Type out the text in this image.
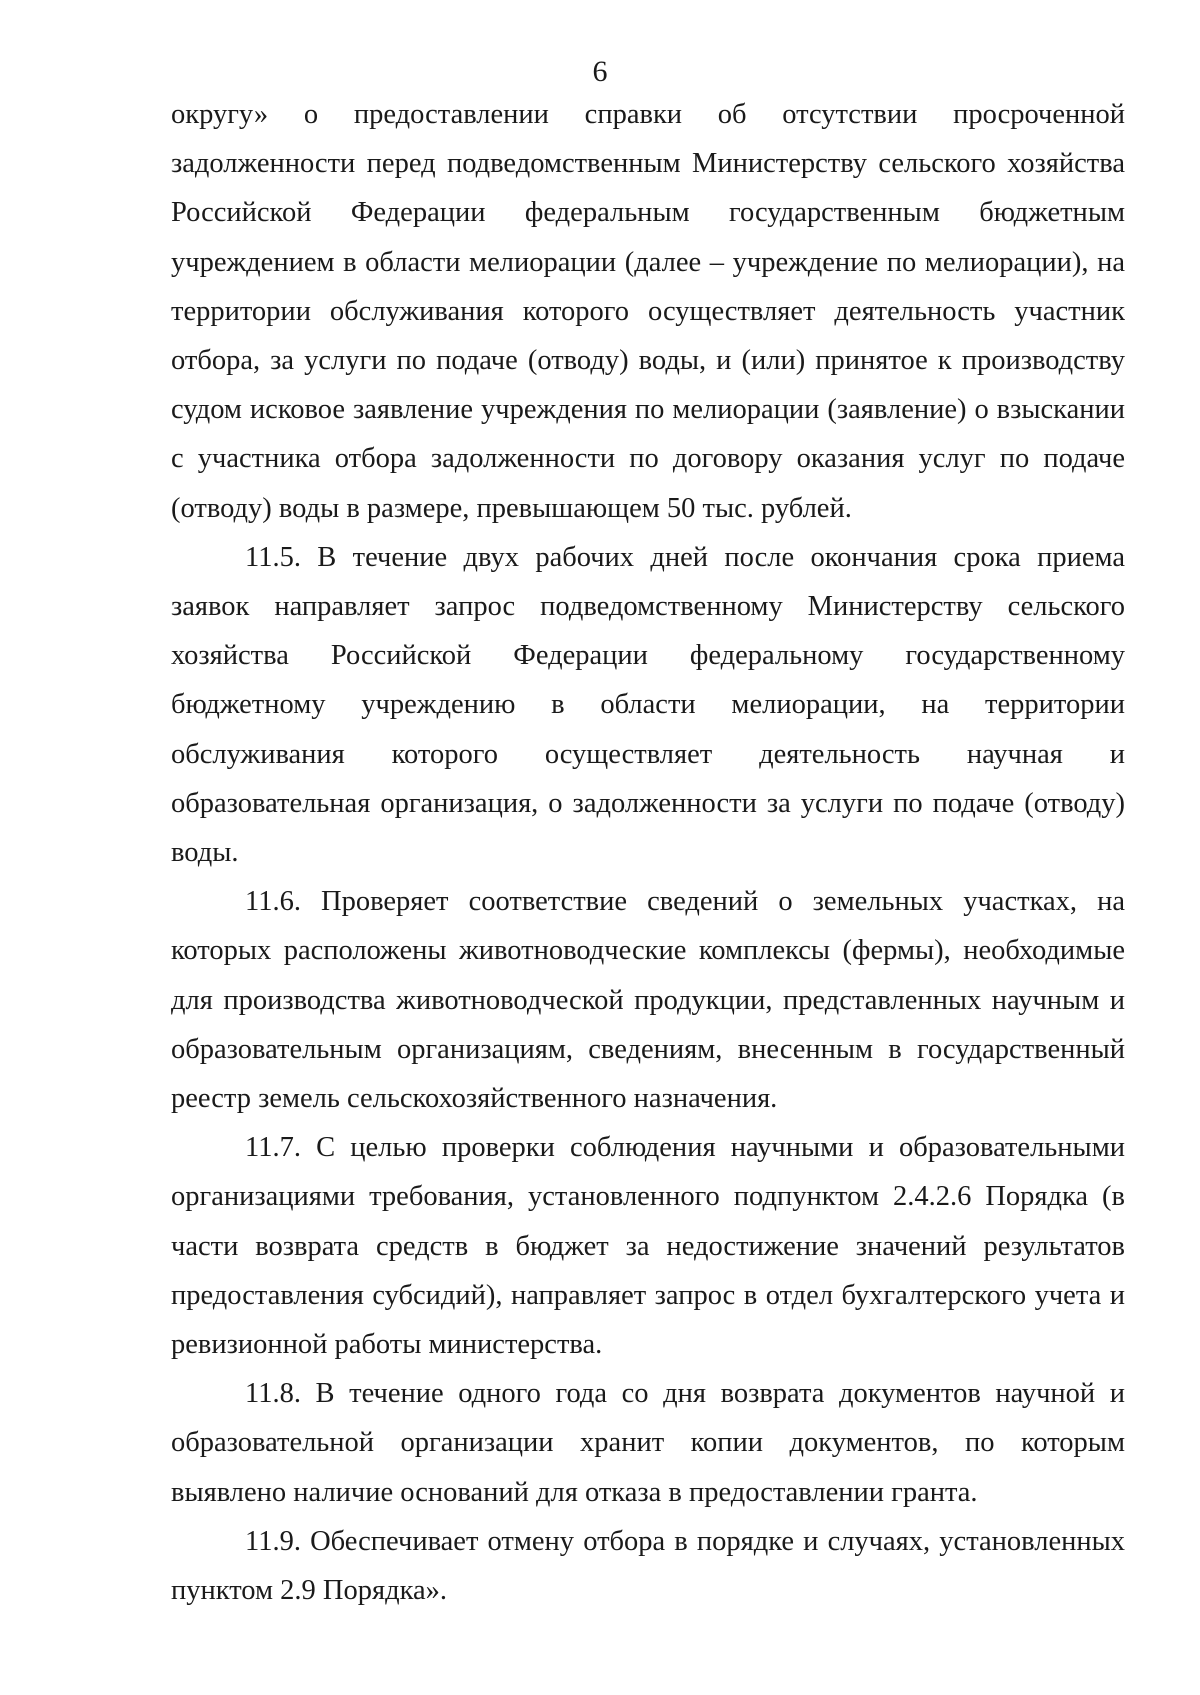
6

округу» о предоставлении справки об отсутствии просроченной задолженности перед подведомственным Министерству сельского хозяйства Российской Федерации федеральным государственным бюджетным учреждением в области мелиорации (далее – учреждение по мелиорации), на территории обслуживания которого осуществляет деятельность участник отбора, за услуги по подаче (отводу) воды, и (или) принятое к производству судом исковое заявление учреждения по мелиорации (заявление) о взыскании с участника отбора задолженности по договору оказания услуг по подаче (отводу) воды в размере, превышающем 50 тыс. рублей.

11.5. В течение двух рабочих дней после окончания срока приема заявок направляет запрос подведомственному Министерству сельского хозяйства Российской Федерации федеральному государственному бюджетному учреждению в области мелиорации, на территории обслуживания которого осуществляет деятельность научная и образовательная организация, о задолженности за услуги по подаче (отводу) воды.

11.6. Проверяет соответствие сведений о земельных участках, на которых расположены животноводческие комплексы (фермы), необходимые для производства животноводческой продукции, представленных научным и образовательным организациям, сведениям, внесенным в государственный реестр земель сельскохозяйственного назначения.

11.7. С целью проверки соблюдения научными и образовательными организациями требования, установленного подпунктом 2.4.2.6 Порядка (в части возврата средств в бюджет за недостижение значений результатов предоставления субсидий), направляет запрос в отдел бухгалтерского учета и ревизионной работы министерства.

11.8. В течение одного года со дня возврата документов научной и образовательной организации хранит копии документов, по которым выявлено наличие оснований для отказа в предоставлении гранта.

11.9. Обеспечивает отмену отбора в порядке и случаях, установленных пунктом 2.9 Порядка».
